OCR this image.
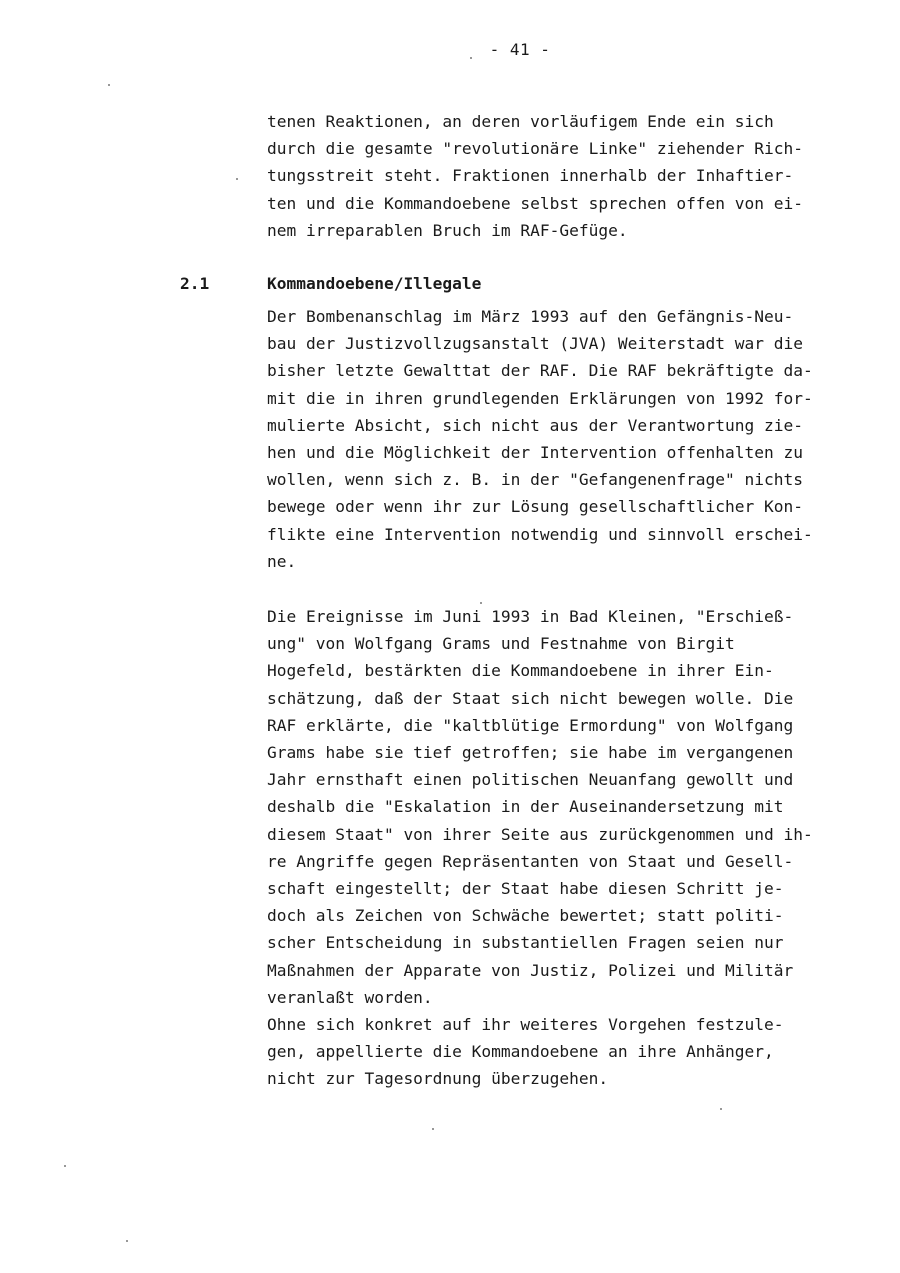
- 41 -
tenen Reaktionen, an deren vorläufigem Ende ein sich
durch die gesamte "revolutionäre Linke" ziehender Rich-
tungsstreit steht. Fraktionen innerhalb der Inhaftier-
ten und die Kommandoebene selbst sprechen offen von ei-
nem irreparablen Bruch im RAF-Gefüge.
2.1	Kommandoebene/Illegale
Der Bombenanschlag im März 1993 auf den Gefängnis-Neu-
bau der Justizvollzugsanstalt (JVA) Weiterstadt war die
bisher letzte Gewalttat der RAF. Die RAF bekräftigte da-
mit die in ihren grundlegenden Erklärungen von 1992 for-
mulierte Absicht, sich nicht aus der Verantwortung zie-
hen und die Möglichkeit der Intervention offenhalten zu
wollen, wenn sich z. B. in der "Gefangenenfrage" nichts
bewege oder wenn ihr zur Lösung gesellschaftlicher Kon-
flikte eine Intervention notwendig und sinnvoll erschei-
ne.
Die Ereignisse im Juni 1993 in Bad Kleinen, "Erschieß-
ung" von Wolfgang Grams und Festnahme von Birgit
Hogefeld, bestärkten die Kommandoebene in ihrer Ein-
schätzung, daß der Staat sich nicht bewegen wolle. Die
RAF erklärte, die "kaltblütige Ermordung" von Wolfgang
Grams habe sie tief getroffen; sie habe im vergangenen
Jahr ernsthaft einen politischen Neuanfang gewollt und
deshalb die "Eskalation in der Auseinandersetzung mit
diesem Staat" von ihrer Seite aus zurückgenommen und ih-
re Angriffe gegen Repräsentanten von Staat und Gesell-
schaft eingestellt; der Staat habe diesen Schritt je-
doch als Zeichen von Schwäche bewertet; statt politi-
scher Entscheidung in substantiellen Fragen seien nur
Maßnahmen der Apparate von Justiz, Polizei und Militär
veranlaßt worden.
Ohne sich konkret auf ihr weiteres Vorgehen festzule-
gen, appellierte die Kommandoebene an ihre Anhänger,
nicht zur Tagesordnung überzugehen.
